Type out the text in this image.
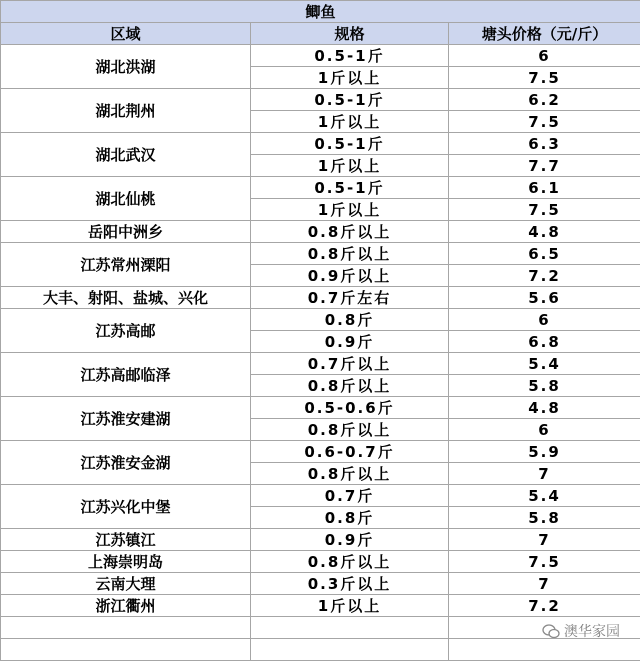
鲫鱼		
区域	规格	塘头价格（元/斤）
湖北洪湖	0.5-1斤	6
	1斤以上	7.5
湖北荆州	0.5-1斤	6.2
	1斤以上	7.5
湖北武汉	0.5-1斤	6.3
	1斤以上	7.7
湖北仙桃	0.5-1斤	6.1
	1斤以上	7.5
岳阳中洲乡	0.8斤以上	4.8
江苏常州溧阳	0.8斤以上	6.5
	0.9斤以上	7.2
大丰、射阳、盐城、兴化	0.7斤左右	5.6
江苏高邮	0.8斤	6
	0.9斤	6.8
江苏高邮临泽	0.7斤以上	5.4
	0.8斤以上	5.8
江苏淮安建湖	0.5-0.6斤	4.8
	0.8斤以上	6
江苏淮安金湖	0.6-0.7斤	5.9
	0.8斤以上	7
江苏兴化中堡	0.7斤	5.4
	0.8斤	5.8
江苏镇江	0.9斤	7
上海崇明岛	0.8斤以上	7.5
云南大理	0.3斤以上	7
浙江衢州	1斤以上	7.2

澳华家园
